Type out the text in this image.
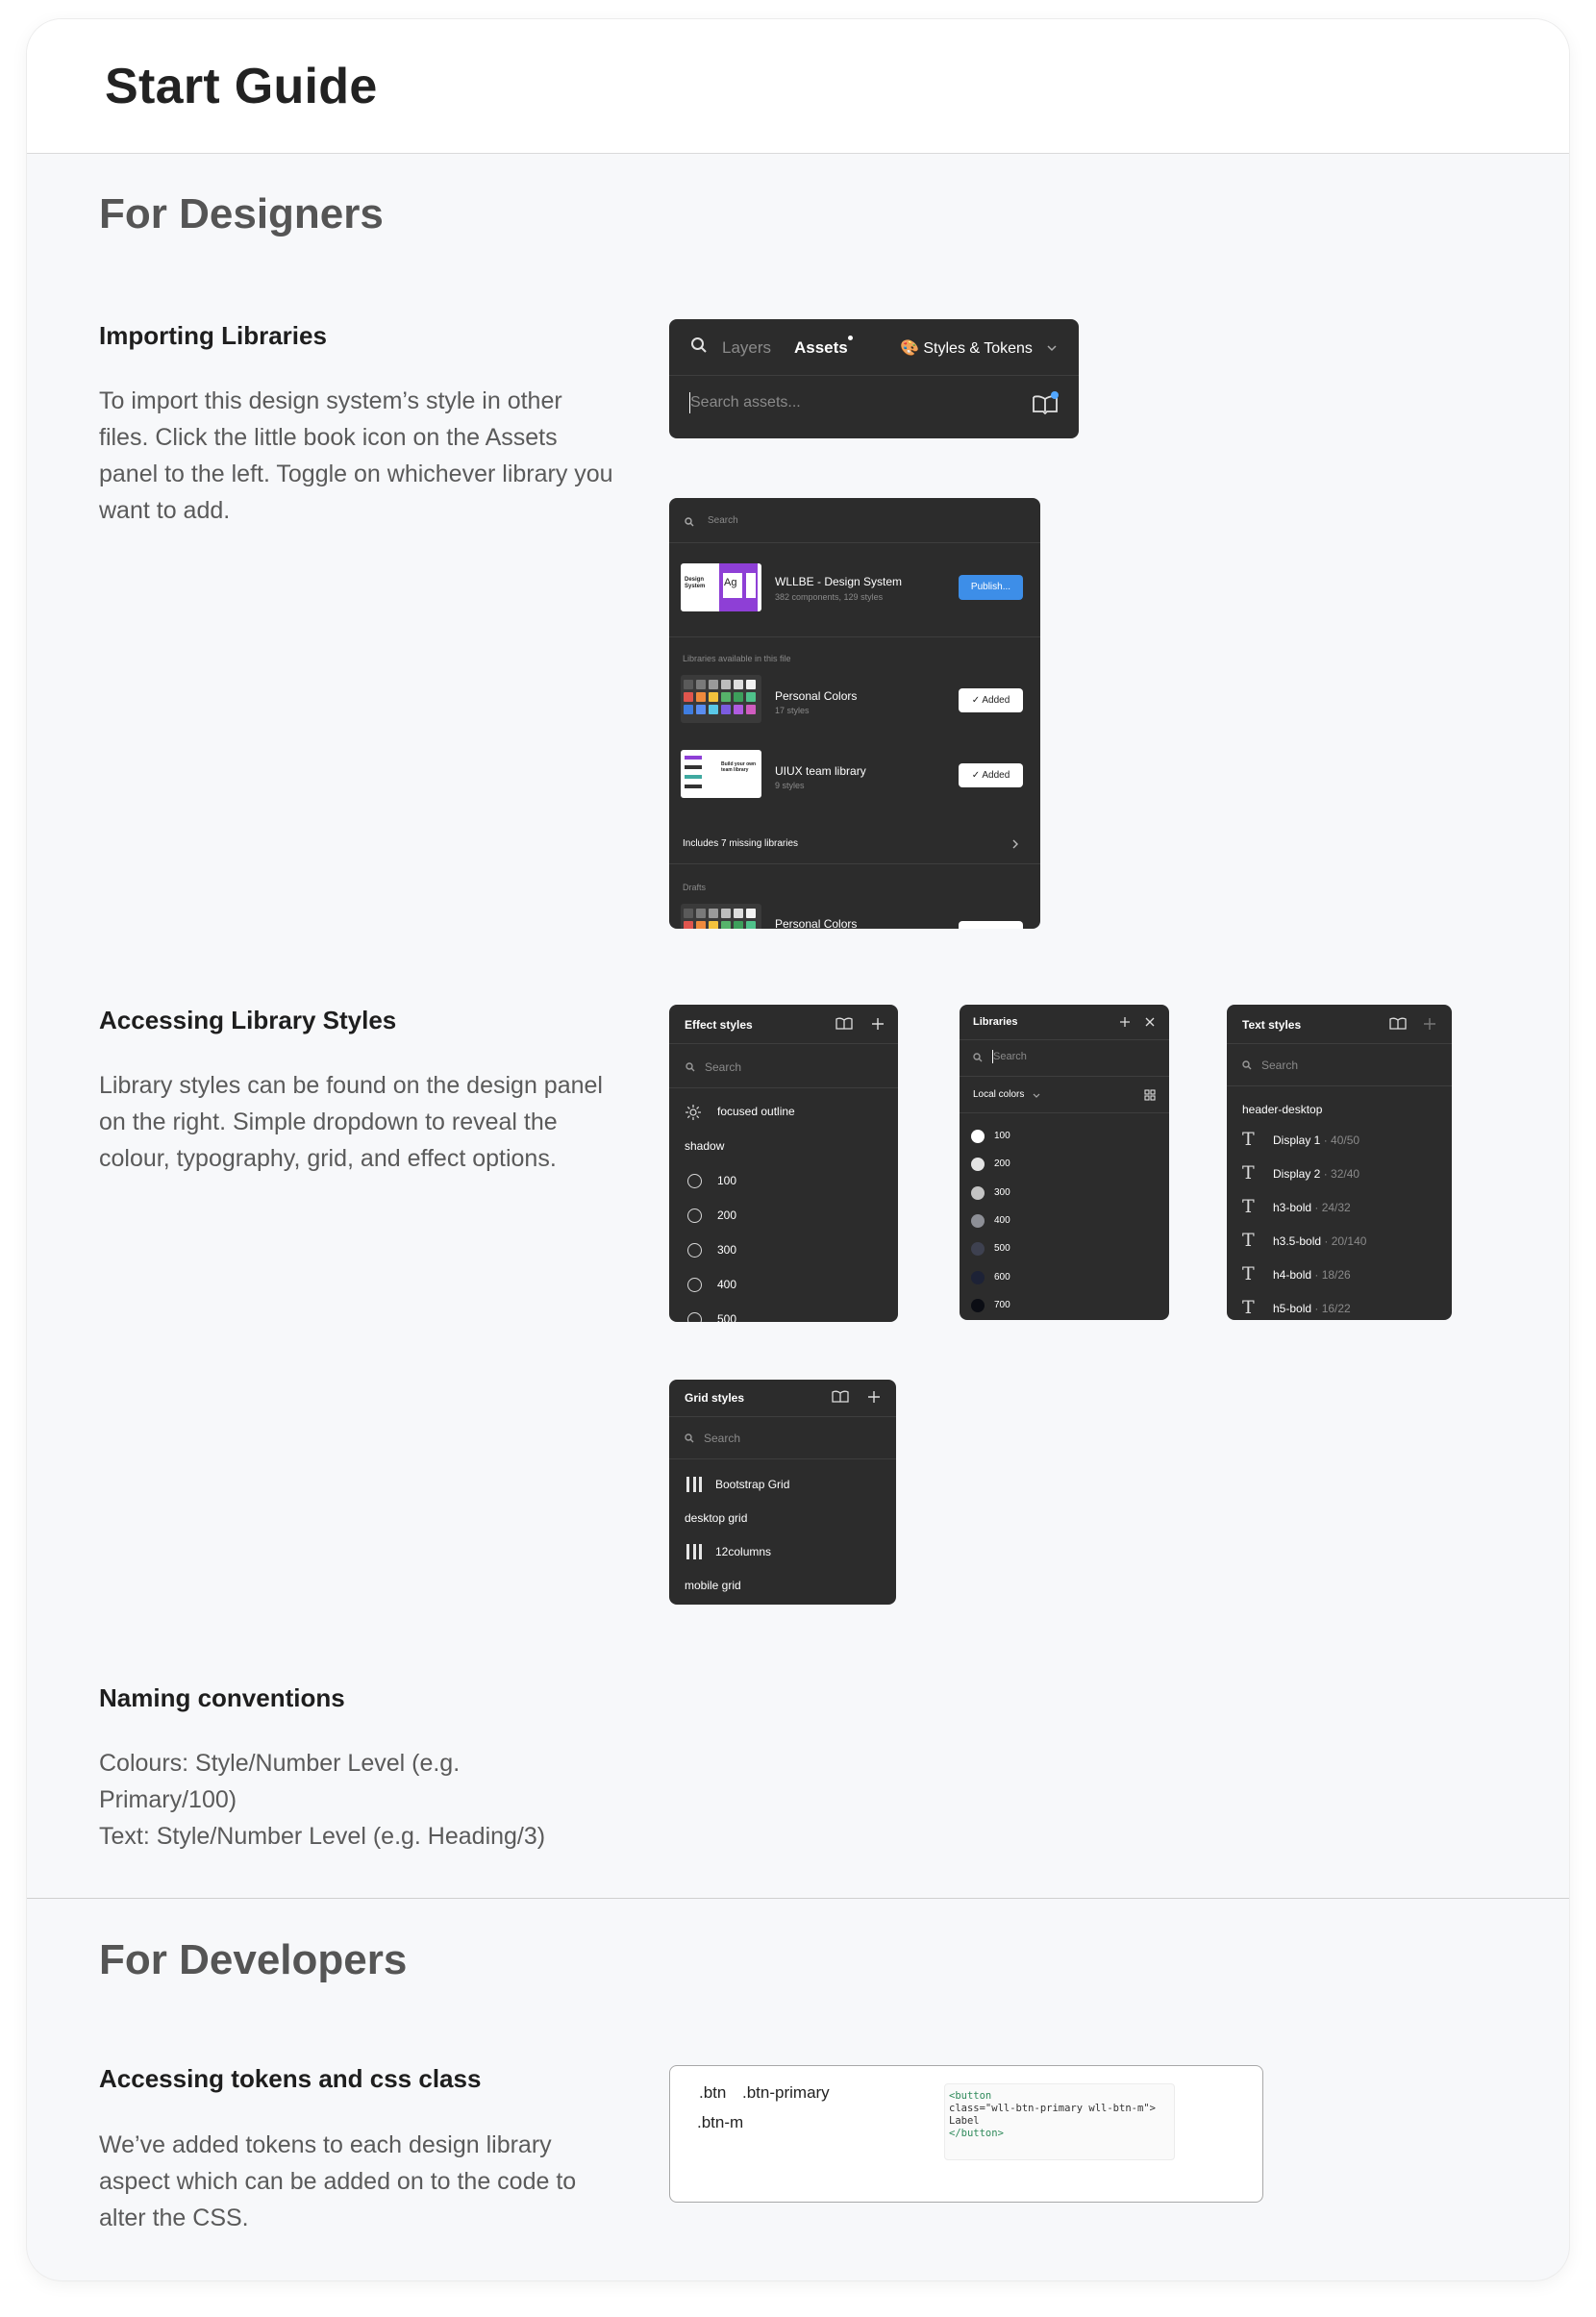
Start Guide
For Designers
Importing Libraries
To import this design system’s style in other files. Click the little book icon on the Assets panel to the left. Toggle on whichever library you want to add.
Layers Assets	🎨 Styles & Tokens
Search assets...
Search
Design System	Ag	WLLBE - Design System
382 components, 129 styles
Publish...
Libraries available in this file
Personal Colors
17 styles
✓ Added
Build your own team library	UIUX team library
9 styles
✓ Added
Includes 7 missing libraries
Drafts
Personal Colors
Accessing Library Styles
Library styles can be found on the design panel on the right. Simple dropdown to reveal the colour, typography, grid, and effect options.
Effect styles
Search
focused outline
shadow
100
200
300
400
500
Libraries
Search
Local colors
100
200
300
400
500
600
700
Text styles
Search
header-desktop
T Display 1 · 40/50
T Display 2 · 32/40
T h3-bold · 24/32
T h3.5-bold · 20/140
T h4-bold · 18/26
T h5-bold · 16/22
Grid styles
Search
Bootstrap Grid
desktop grid
12columns
mobile grid
Naming conventions
Colours: Style/Number Level (e.g. Primary/100)
Text: Style/Number Level (e.g. Heading/3)
For Developers
Accessing tokens and css class
We’ve added tokens to each design library aspect which can be added on to the code to alter the CSS.
.btn .btn-primary
.btn-m
<button
class="wll-btn-primary wll-btn-m">
Label
</button>
